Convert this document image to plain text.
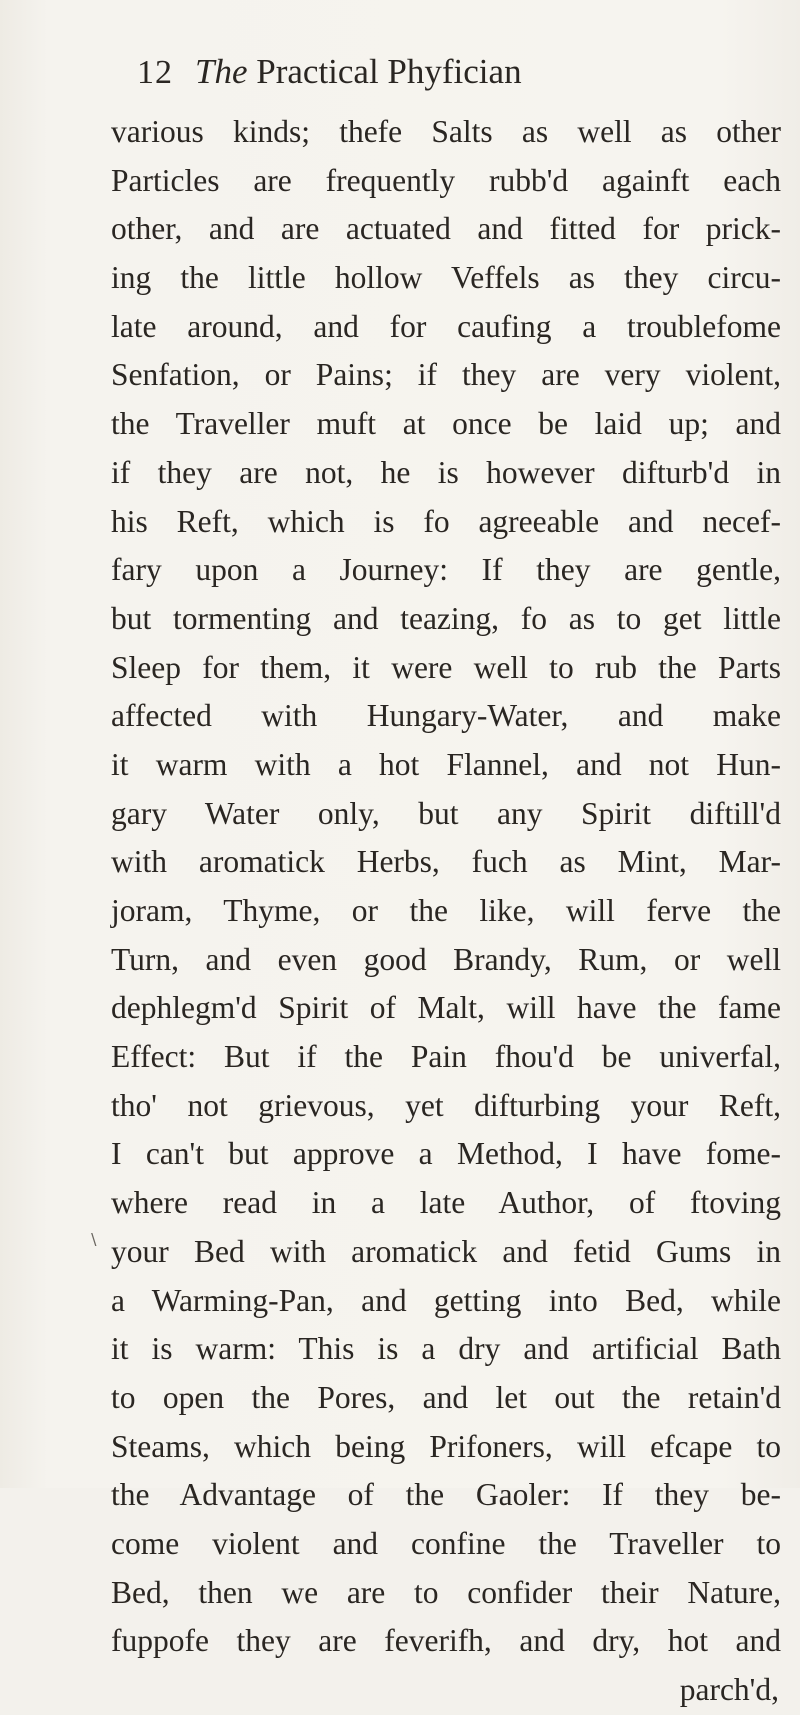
12 The Practical Phyfician
various kinds; thefe Salts as well as other
Particles are frequently rubb'd againft each
other, and are actuated and fitted for prick-
ing the little hollow Veffels as they circu-
late around, and for caufing a troublefome
Senfation, or Pains; if they are very violent,
the Traveller muft at once be laid up; and
if they are not, he is however difturb'd in
his Reft, which is fo agreeable and necef-
fary upon a Journey: If they are gentle,
but tormenting and teazing, fo as to get little
Sleep for them, it were well to rub the Parts
affected with Hungary-Water, and make
it warm with a hot Flannel, and not Hun-
gary Water only, but any Spirit diftill'd
with aromatick Herbs, fuch as Mint, Mar-
joram, Thyme, or the like, will ferve the
Turn, and even good Brandy, Rum, or well
dephlegm'd Spirit of Malt, will have the fame
Effect: But if the Pain fhou'd be univerfal,
tho' not grievous, yet difturbing your Reft,
I can't but approve a Method, I have fome-
where read in a late Author, of ftoving
your Bed with aromatick and fetid Gums in
a Warming-Pan, and getting into Bed, while
it is warm: This is a dry and artificial Bath
to open the Pores, and let out the retain'd
Steams, which being Prifoners, will efcape to
the Advantage of the Gaoler: If they be-
come violent and confine the Traveller to
Bed, then we are to confider their Nature,
fuppofe they are feverifh, and dry, hot and
parch'd,
∖
